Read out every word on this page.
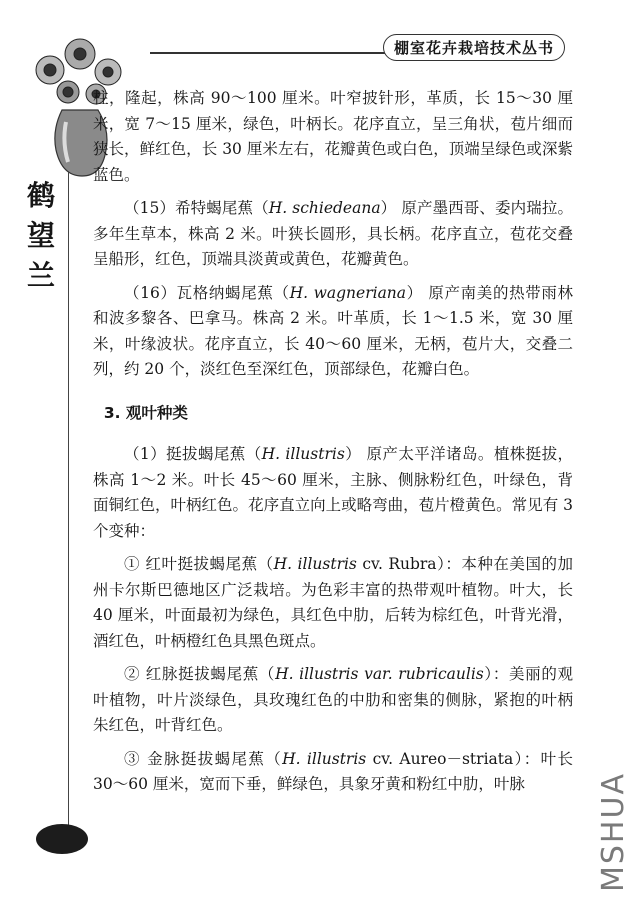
棚室花卉栽培技术丛书
鹤望兰

柱，隆起，株高 90～100 厘米。叶窄披针形，革质，长 15～30 厘米，宽 7～15 厘米，绿色，叶柄长。花序直立，呈三角状，苞片细而狭长，鲜红色，长 30 厘米左右，花瓣黄色或白色，顶端呈绿色或深紫蓝色。

（15）希特蝎尾蕉（H. schiedeana） 原产墨西哥、委内瑞拉。多年生草本，株高 2 米。叶狭长圆形，具长柄。花序直立，苞花交叠呈船形，红色，顶端具淡黄或黄色，花瓣黄色。

（16）瓦格纳蝎尾蕉（H. wagneriana） 原产南美的热带雨林和波多黎各、巴拿马。株高 2 米。叶革质，长 1～1.5 米，宽 30 厘米，叶缘波状。花序直立，长 40～60 厘米，无柄，苞片大，交叠二列，约 20 个，淡红色至深红色，顶部绿色，花瓣白色。

3. 观叶种类

（1）挺拔蝎尾蕉（H. illustris） 原产太平洋诸岛。植株挺拔，株高 1～2 米。叶长 45～60 厘米，主脉、侧脉粉红色，叶绿色，背面铜红色，叶柄红色。花序直立向上或略弯曲，苞片橙黄色。常见有 3 个变种：

① 红叶挺拔蝎尾蕉（H. illustris cv. Rubra）：本种在美国的加州卡尔斯巴德地区广泛栽培。为色彩丰富的热带观叶植物。叶大，长 40 厘米，叶面最初为绿色，具红色中肋，后转为棕红色，叶背光滑，酒红色，叶柄橙红色具黑色斑点。

② 红脉挺拔蝎尾蕉（H. illustris var. rubricaulis）：美丽的观叶植物，叶片淡绿色，具玫瑰红色的中肋和密集的侧脉，紧抱的叶柄朱红色，叶背红色。

③ 金脉挺拔蝎尾蕉（H. illustris cv. Aureo－striata）：叶长 30～60 厘米，宽而下垂，鲜绿色，具象牙黄和粉红中肋，叶脉	MSHUA
